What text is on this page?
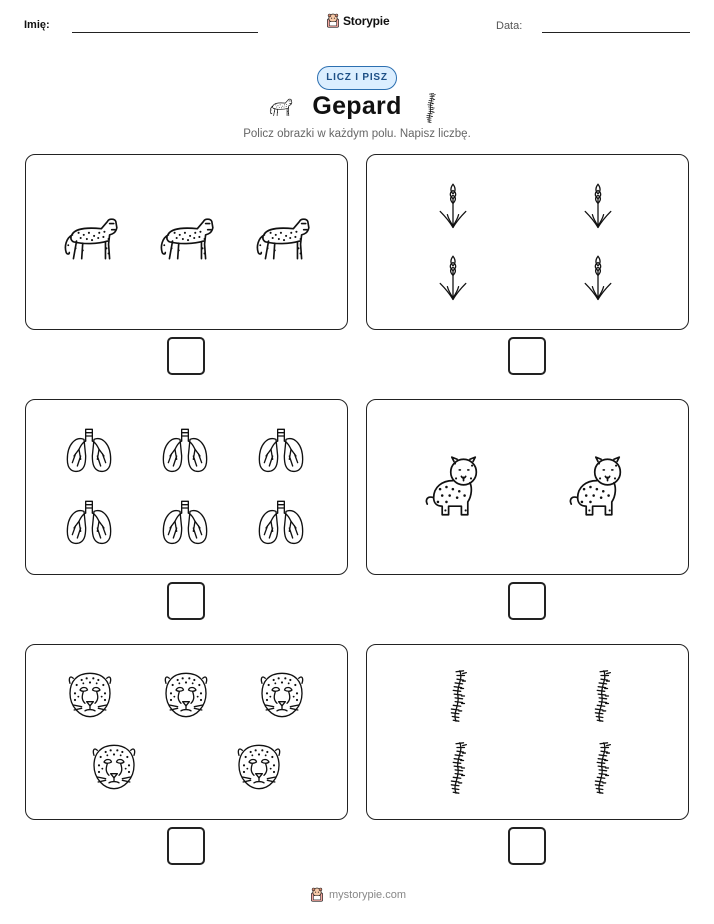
Imię:	Storypie	Data:
LICZ I PISZ
Gepard
Policz obrazki w każdym polu. Napisz liczbę.
mystorypie.com
